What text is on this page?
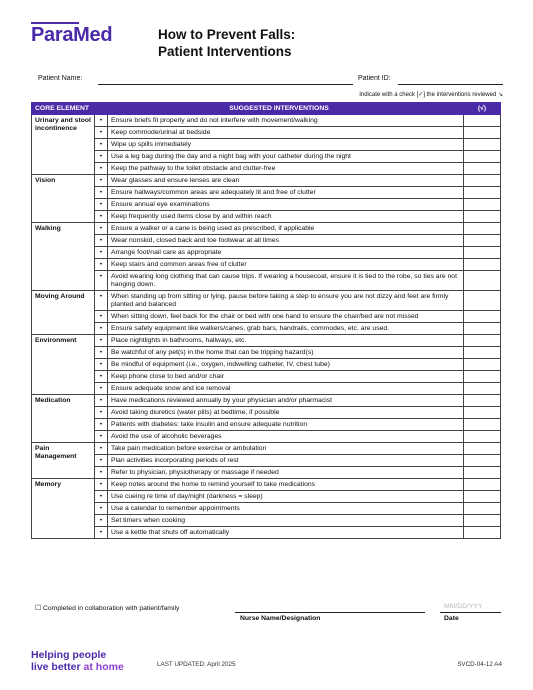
ParaMed	How to Prevent Falls:
Patient Interventions
Patient Name:	Patient ID:
Indicate with a check [✓] the interventions reviewed ↘
CORE ELEMENT	SUGGESTED INTERVENTIONS		(√)
Urinary and stool incontinence	•	Ensure briefs fit properly and do not interfere with movement/walking	
	•	Keep commode/urinal at bedside	
	•	Wipe up spills immediately	
	•	Use a leg bag during the day and a night bag with your catheter during the night	
	•	Keep the pathway to the toilet obstacle and clutter-free	
Vision	•	Wear glasses and ensure lenses are clean	
	•	Ensure hallways/common areas are adequately lit and free of clutter	
	•	Ensure annual eye examinations	
	•	Keep frequently used items close by and within reach	
Walking	•	Ensure a walker or a cane is being used as prescribed, if applicable	
	•	Wear nonskid, closed back and toe footwear at all times	
	•	Arrange foot/nail care as appropriate	
	•	Keep stairs and common areas free of clutter	
	•	Avoid wearing long clothing that can cause trips. If wearing a housecoat, ensure it is tied to the robe, so ties are not hanging down.	
Moving Around	•	When standing up from sitting or lying, pause before taking a step to ensure you are not dizzy and feet are firmly planted and balanced	
	•	When sitting down, feel back for the chair or bed with one hand to ensure the chair/bed are not missed	
	•	Ensure safety equipment like walkers/canes, grab bars, handrails, commodes, etc. are used.	
Environment	•	Place nightlights in bathrooms, hallways, etc.	
	•	Be watchful of any pet(s) in the home that can be tripping hazard(s)	
	•	Be mindful of equipment (i.e., oxygen, indwelling catheter, IV, chest tube)	
	•	Keep phone close to bed and/or chair	
	•	Ensure adequate snow and ice removal	
Medication	•	Have medications reviewed annually by your physician and/or pharmacist	
	•	Avoid taking diuretics (water pills) at bedtime, if possible	
	•	Patients with diabetes: take insulin and ensure adequate nutrition	
	•	Avoid the use of alcoholic beverages	
Pain Management	•	Take pain medication before exercise or ambulation	
	•	Plan activities incorporating periods of rest	
	•	Refer to physician, physiotherapy or massage if needed	
Memory	•	Keep notes around the home to remind yourself to take medications	
	•	Use cueing re time of day/night (darkness = sleep)	
	•	Use a calendar to remember appointments	
	•	Set timers when cooking	
	•	Use a kettle that shuts off automatically	
☐ Completed in collaboration with patient/family
Nurse Name/Designation
MM/DD/YYY
Date
Helping people
live better at home	LAST UPDATED: April 2025	SVCD-04-12 A4
